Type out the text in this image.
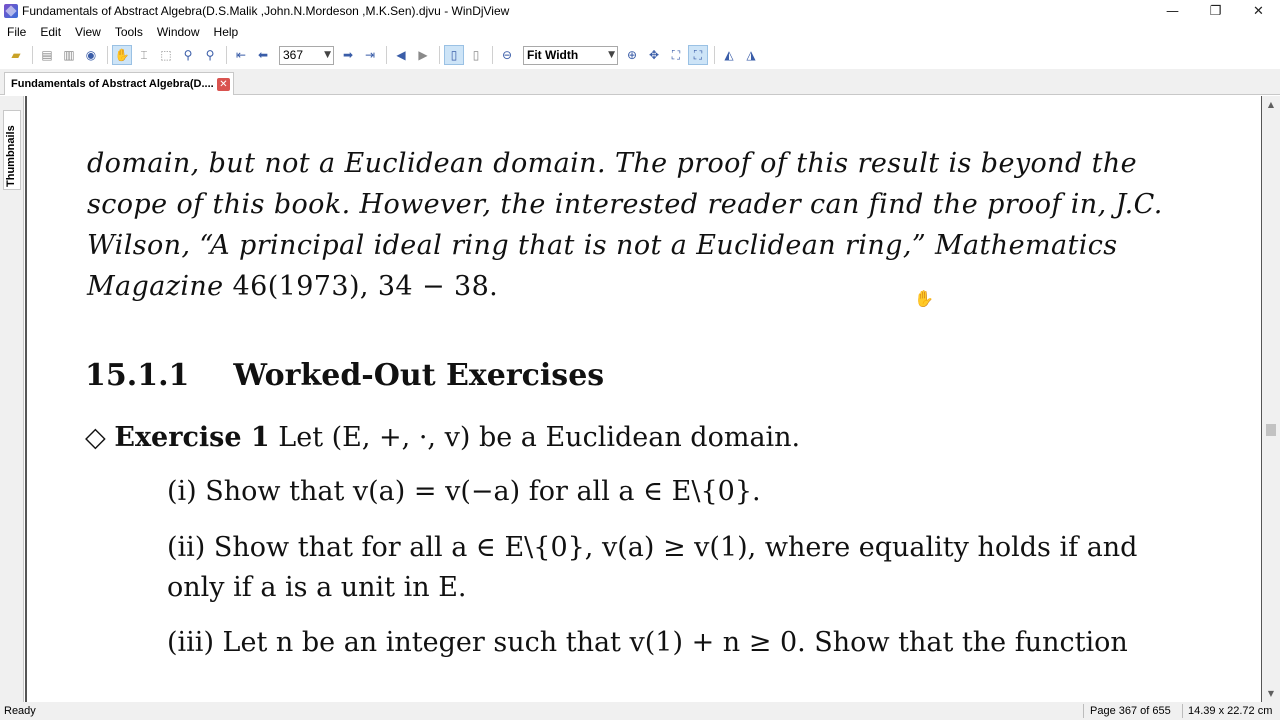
Fundamentals of Abstract Algebra(D.S.Malik ,John.N.Mordeson ,M.K.Sen).djvu - WinDjView	—	❐	✕
File	Edit	View	Tools	Window	Help
▰	▤ ▥ ◉	✋ ⌶	⬚ ⚲	⚲	⇤ ⬅	367 ▼ ➡ ⇥	◀	▶	▯	▯	⊖	Fit Width	▼ ⊕ ✥	⛶	⛶	◭	◮
Fundamentals of Abstract Algebra(D.... ✕
Thumbnails	domain, but not a Euclidean domain. The proof of this result is beyond the
scope of this book. However, the interested reader can find the proof in, J.C.
Wilson, “A principal ideal ring that is not a Euclidean ring,” Mathematics
Magazine 46(1973), 34 − 38.
15.1.1 Worked-Out Exercises
◇ Exercise 1 Let (E, +, ·, v) be a Euclidean domain.
(i) Show that v(a) = v(−a) for all a ∈ E\{0}.
(ii) Show that for all a ∈ E\{0}, v(a) ≥ v(1), where equality holds if and
only if a is a unit in E.
(iii) Let n be an integer such that v(1) + n ≥ 0. Show that the function
✋
▲
▼
Ready	Page 367 of 655 14.39 x 22.72 cm
